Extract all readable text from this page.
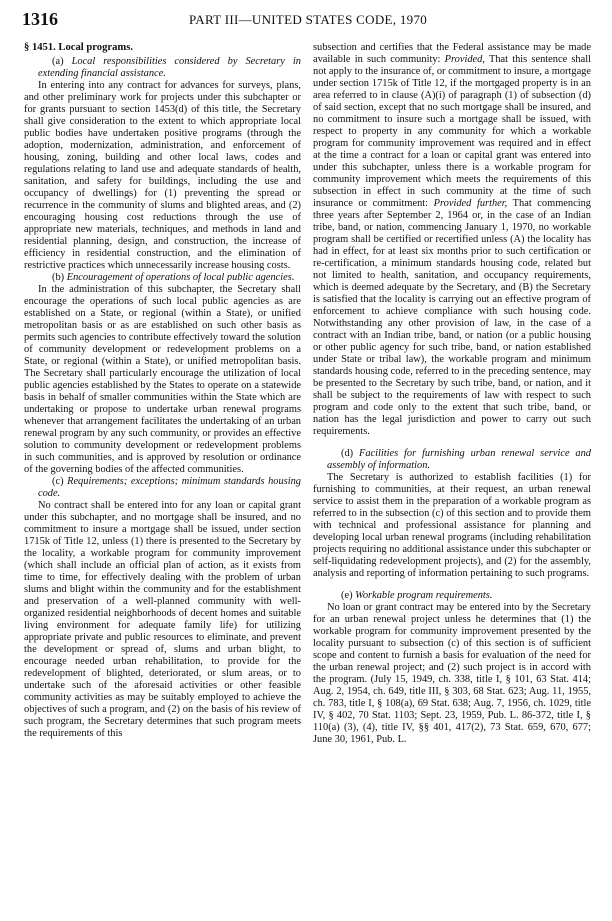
1316	PART III—UNITED STATES CODE, 1970
§ 1451. Local programs.

(a) Local responsibilities considered by Secretary in extending financial assistance.

In entering into any contract for advances for surveys, plans, and other preliminary work for projects under this subchapter or for grants pursuant to section 1453(d) of this title, the Secretary shall give consideration to the extent to which appropriate local public bodies have undertaken positive programs (through the adoption, modernization, administration, and enforcement of housing, zoning, building and other local laws, codes and regulations relating to land use and adequate standards of health, sanitation, and safety for buildings, including the use and occupancy of dwellings) for (1) preventing the spread or recurrence in the community of slums and blighted areas, and (2) encouraging housing cost reductions through the use of appropriate new materials, techniques, and methods in land and residential planning, design, and construction, the increase of efficiency in residential construction, and the elimination of restrictive practices which unnecessarily increase housing costs.

(b) Encouragement of operations of local public agencies.

In the administration of this subchapter, the Secretary shall encourage the operations of such local public agencies as are established on a State, or regional (within a State), or unified metropolitan basis or as are established on such other basis as permits such agencies to contribute effectively toward the solution of community development or redevelopment problems on a State, or regional (within a State), or unified metropolitan basis. The Secretary shall particularly encourage the utilization of local public agencies established by the States to operate on a statewide basis in behalf of smaller communities within the State which are undertaking or propose to undertake urban renewal programs whenever that arrangement facilitates the undertaking of an urban renewal program by any such community, or provides an effective solution to community development or redevelopment problems in such communities, and is approved by resolution or ordinance of the governing bodies of the affected communities.

(c) Requirements; exceptions; minimum standards housing code.

No contract shall be entered into for any loan or capital grant under this subchapter, and no mortgage shall be insured, and no commitment to insure a mortgage shall be issued, under section 1715k of Title 12, unless (1) there is presented to the Secretary by the locality, a workable program for community improvement (which shall include an official plan of action, as it exists from time to time, for effectively dealing with the problem of urban slums and blight within the community and for the establishment and preservation of a well-planned community with well-organized residential neighborhoods of decent homes and suitable living environment for adequate family life) for utilizing appropriate private and public resources to eliminate, and prevent the development or spread of, slums and urban blight, to encourage needed urban rehabilitation, to provide for the redevelopment of blighted, deteriorated, or slum areas, or to undertake such of the aforesaid activities or other feasible community activities as may be suitably employed to achieve the objectives of such a program, and (2) on the basis of his review of such program, the Secretary determines that such program meets the requirements of this

subsection and certifies that the Federal assistance may be made available in such community: Provided, That this sentence shall not apply to the insurance of, or commitment to insure, a mortgage under section 1715k of Title 12, if the mortgaged property is in an area referred to in clause (A)(i) of paragraph (1) of subsection (d) of said section, except that no such mortgage shall be insured, and no commitment to insure such a mortgage shall be issued, with respect to property in any community for which a workable program for community improvement was required and in effect at the time a contract for a loan or capital grant was entered into under this subchapter, unless there is a workable program for community improvement which meets the requirements of this subsection in effect in such community at the time of such insurance or commitment: Provided further, That commencing three years after September 2, 1964 or, in the case of an Indian tribe, band, or nation, commencing January 1, 1970, no workable program shall be certified or recertified unless (A) the locality has had in effect, for at least six months prior to such certification or re-certification, a minimum standards housing code, related but not limited to health, sanitation, and occupancy requirements, which is deemed adequate by the Secretary, and (B) the Secretary is satisfied that the locality is carrying out an effective program of enforcement to achieve compliance with such housing code. Notwithstanding any other provision of law, in the case of a contract with an Indian tribe, band, or nation (or a public housing or other public agency for such tribe, band, or nation established under State or tribal law), the workable program and minimum standards housing code, referred to in the preceding sentence, may be presented to the Secretary by such tribe, band, or nation, and it shall be subject to the requirements of law with respect to such program and code only to the extent that such tribe, band, or nation has the legal jurisdiction and power to carry out such requirements.

(d) Facilities for furnishing urban renewal service and assembly of information.

The Secretary is authorized to establish facilities (1) for furnishing to communities, at their request, an urban renewal service to assist them in the preparation of a workable program as referred to in the subsection (c) of this section and to provide them with technical and professional assistance for planning and developing local urban renewal programs (including rehabilitation projects requiring no additional assistance under this subchapter or self-liquidating redevelopment projects), and (2) for the assembly, analysis and reporting of information pertaining to such programs.

(e) Workable program requirements.

No loan or grant contract may be entered into by the Secretary for an urban renewal project unless he determines that (1) the workable program for community improvement presented by the locality pursuant to subsection (c) of this section is of sufficient scope and content to furnish a basis for evaluation of the need for the urban renewal project; and (2) such project is in accord with the program. (July 15, 1949, ch. 338, title I, § 101, 63 Stat. 414; Aug. 2, 1954, ch. 649, title III, § 303, 68 Stat. 623; Aug. 11, 1955, ch. 783, title I, § 108(a), 69 Stat. 638; Aug. 7, 1956, ch. 1029, title IV, § 402, 70 Stat. 1103; Sept. 23, 1959, Pub. L. 86-372, title I, § 110(a) (3), (4), title IV, §§ 401, 417(2), 73 Stat. 659, 670, 677; June 30, 1961, Pub. L.
